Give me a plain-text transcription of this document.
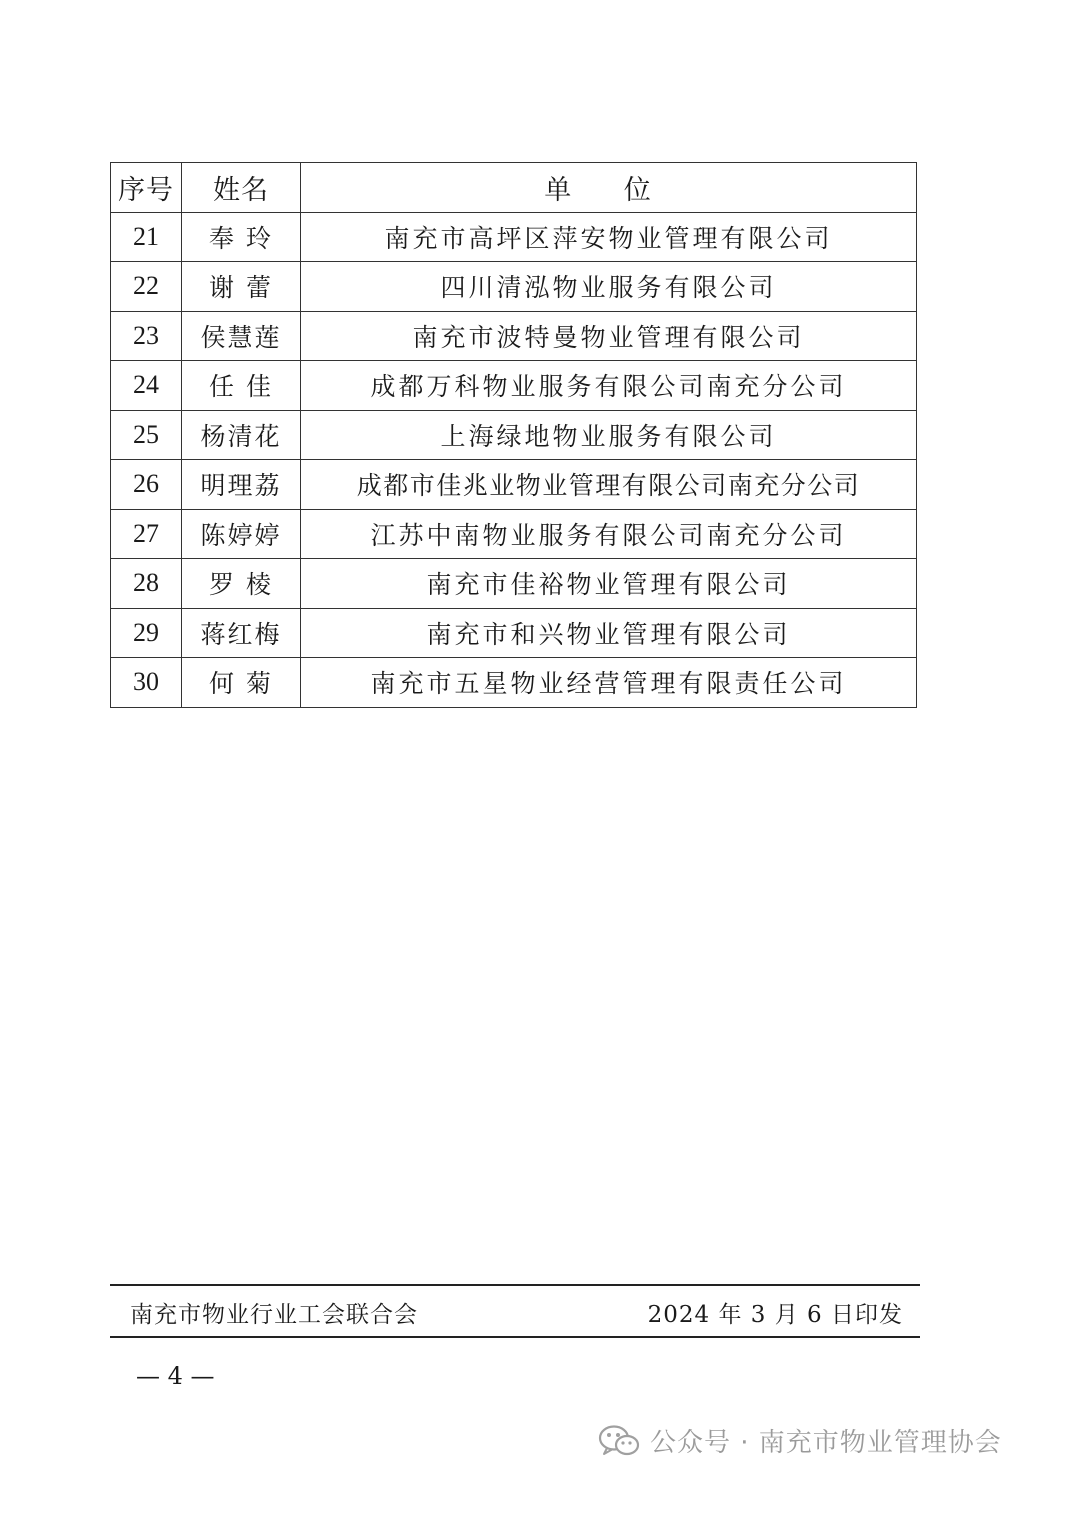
序号	姓名	单 位
21	奉 玲	南充市高坪区萍安物业管理有限公司
22	谢 蕾	四川清泓物业服务有限公司
23	侯慧莲	南充市波特曼物业管理有限公司
24	任 佳	成都万科物业服务有限公司南充分公司
25	杨清花	上海绿地物业服务有限公司
26	明理荔	成都市佳兆业物业管理有限公司南充分公司
27	陈婷婷	江苏中南物业服务有限公司南充分公司
28	罗 棱	南充市佳裕物业管理有限公司
29	蒋红梅	南充市和兴物业管理有限公司
30	何 菊	南充市五星物业经营管理有限责任公司
南充市物业行业工会联合会	2024 年 3 月 6 日印发
— 4 —
公众号 · 南充市物业管理协会
